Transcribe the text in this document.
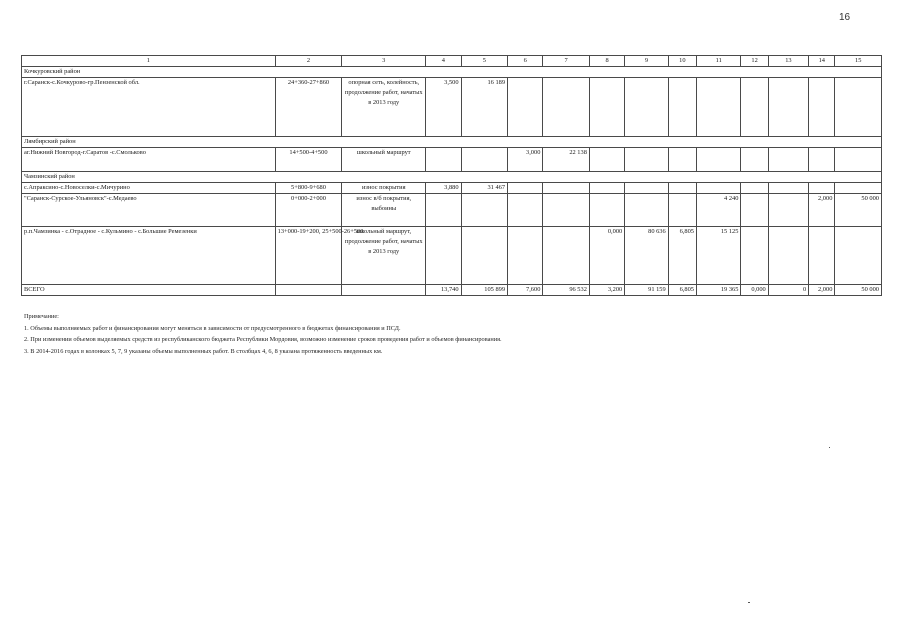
16
1	2	3	4	5	6	7	8	9	10	11	12	13	14	15
Кочкуровский район														
г.Саранск-с.Кочкурово-гр.Пензенской обл.	24+360-27+860	опорная сеть, колейность, продолжение работ, начатых в 2013 году	3,500	16 189										
Лямбирский район														
аг.Нижний Новгород-г.Саратов -с.Смольково	14+500-4+500	школьный маршрут			3,000	22 138								
Чамзинский район														
с.Апраксино-с.Новоселки-с.Мичурино	5+800-9+680	износ покрытия	3,880	31 467										
"Саранск-Сурское-Ульяновск"-с.Медаево	0+000-2+000	износ в/б покрытия, выбоины								4 240			2,000	50 000
р.п.Чамзинка - с.Отрадное - с.Кульмино - с.Большие Ремезенки	13+000-19+200, 25+500-26+500	школьный маршрут, продолжение работ, начатых в 2013 году					0,000	80 636	6,805	15 125				
ВСЕГО			13,740	105 899	7,600	96 532	3,200	91 159	6,805	19 365	0,000	0	2,000	50 000
Примечание:
1. Объемы выполняемых работ и финансирования могут меняться в зависимости от предусмотренного в бюджетах финансирования и ПСД.
2. При изменении объемов выделяемых средств из республиканского бюджета Республики Мордовия, возможно изменение сроков проведения работ и объемов финансирования.
3. В 2014-2016 годах в колонках 5, 7, 9 указаны объемы выполненных работ. В столбцах 4, 6, 8 указана протяженность введенных км.
